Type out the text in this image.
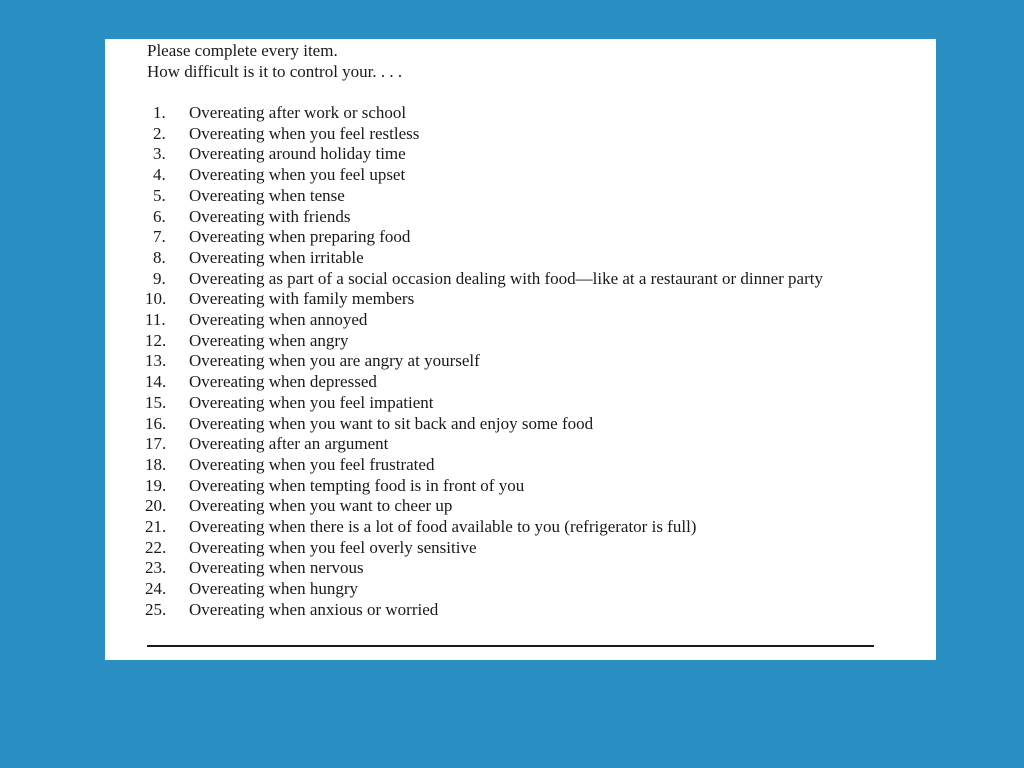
Please complete every item.
How difficult is it to control your. . . .
1.	Overeating after work or school
2.	Overeating when you feel restless
3.	Overeating around holiday time
4.	Overeating when you feel upset
5.	Overeating when tense
6.	Overeating with friends
7.	Overeating when preparing food
8.	Overeating when irritable
9.	Overeating as part of a social occasion dealing with food—like at a restaurant or dinner party
10.	Overeating with family members
11.	Overeating when annoyed
12.	Overeating when angry
13.	Overeating when you are angry at yourself
14.	Overeating when depressed
15.	Overeating when you feel impatient
16.	Overeating when you want to sit back and enjoy some food
17.	Overeating after an argument
18.	Overeating when you feel frustrated
19.	Overeating when tempting food is in front of you
20.	Overeating when you want to cheer up
21.	Overeating when there is a lot of food available to you (refrigerator is full)
22.	Overeating when you feel overly sensitive
23.	Overeating when nervous
24.	Overeating when hungry
25.	Overeating when anxious or worried
